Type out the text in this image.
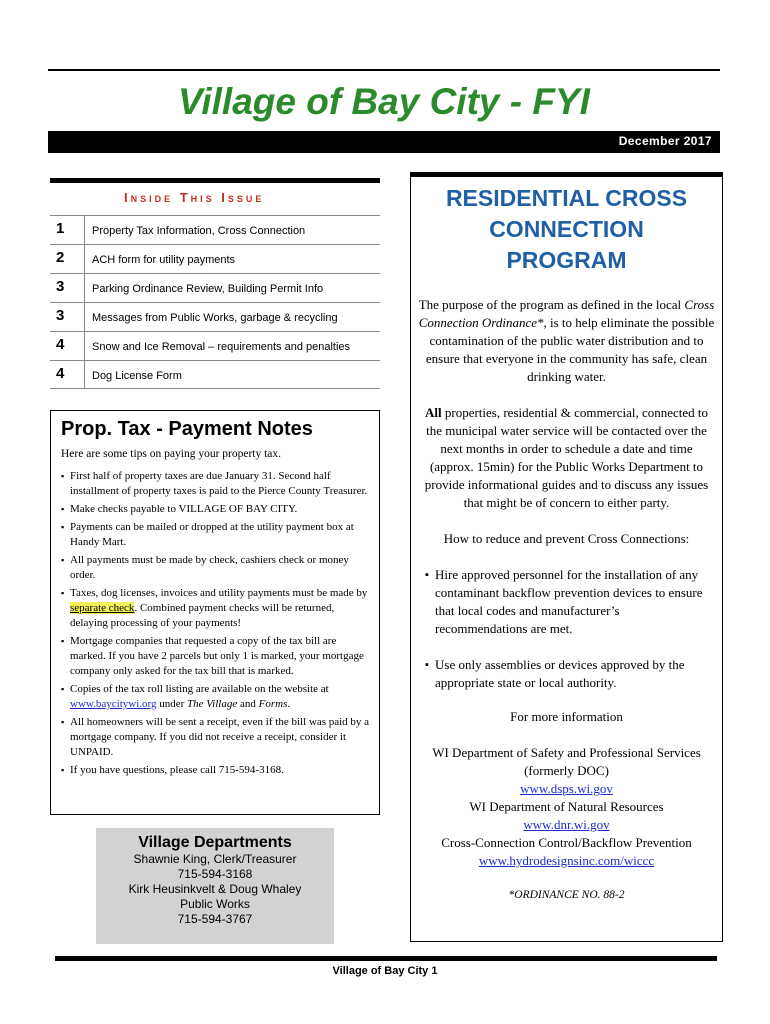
Village of Bay City - FYI
December 2017
Inside This Issue
1	Property Tax Information, Cross Connection
2	ACH form for utility payments
3	Parking Ordinance Review, Building Permit Info
3	Messages from Public Works, garbage & recycling
4	Snow and Ice Removal – requirements and penalties
4	Dog License Form
Prop. Tax - Payment Notes
Here are some tips on paying your property tax.
▪ First half of property taxes are due January 31. Second half installment of property taxes is paid to the Pierce County Treasurer.
▪ Make checks payable to VILLAGE OF BAY CITY.
▪ Payments can be mailed or dropped at the utility payment box at Handy Mart.
▪ All payments must be made by check, cashiers check or money order.
▪ Taxes, dog licenses, invoices and utility payments must be made by separate check. Combined payment checks will be returned, delaying processing of your payments!
▪ Mortgage companies that requested a copy of the tax bill are marked. If you have 2 parcels but only 1 is marked, your mortgage company only asked for the tax bill that is marked.
▪ Copies of the tax roll listing are available on the website at www.baycitywi.org under The Village and Forms.
▪ All homeowners will be sent a receipt, even if the bill was paid by a mortgage company. If you did not receive a receipt, consider it UNPAID.
▪ If you have questions, please call 715-594-3168.
Village Departments
Shawnie King, Clerk/Treasurer
715-594-3168
Kirk Heusinkvelt & Doug Whaley
Public Works
715-594-3767
RESIDENTIAL CROSS
CONNECTION
PROGRAM

The purpose of the program as defined in the local Cross Connection Ordinance*, is to help eliminate the possible contamination of the public water distribution and to ensure that everyone in the community has safe, clean drinking water.

All properties, residential & commercial, connected to the municipal water service will be contacted over the next months in order to schedule a date and time (approx. 15min) for the Public Works Department to provide informational guides and to discuss any issues that might be of concern to either party.

How to reduce and prevent Cross Connections:

▪ Hire approved personnel for the installation of any contaminant backflow prevention devices to ensure that local codes and manufacturer’s recommendations are met.
▪ Use only assemblies or devices approved by the appropriate state or local authority.
For more information
WI Department of Safety and Professional Services (formerly DOC)
www.dsps.wi.gov
WI Department of Natural Resources
www.dnr.wi.gov
Cross-Connection Control/Backflow Prevention
www.hydrodesignsinc.com/wiccc
*ORDINANCE NO. 88-2
Village of Bay City 1
